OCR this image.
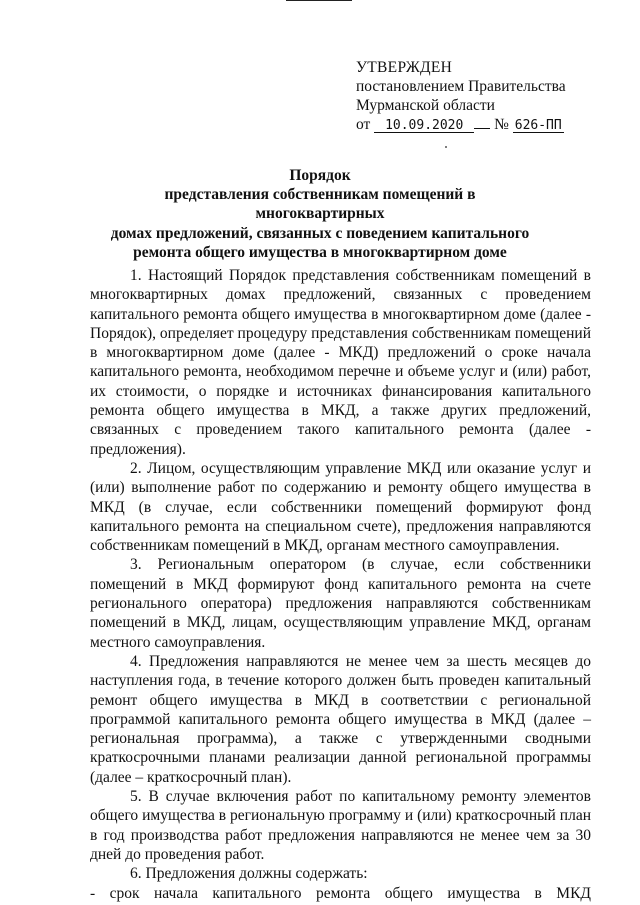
УТВЕРЖДЕН
постановлением Правительства
Мурманской области
от 10.09.2020 № 626-ПП
Порядок
представления собственникам помещений в многоквартирных
домах предложений, связанных с поведением капитального
ремонта общего имущества в многоквартирном доме

1. Настоящий Порядок представления собственникам помещений в многоквартирных домах предложений, связанных с проведением капитального ремонта общего имущества в многоквартирном доме (далее - Порядок), определяет процедуру представления собственникам помещений в многоквартирном доме (далее - МКД) предложений о сроке начала капитального ремонта, необходимом перечне и объеме услуг и (или) работ, их стоимости, о порядке и источниках финансирования капитального ремонта общего имущества в МКД, а также других предложений, связанных с проведением такого капитального ремонта (далее - предложения).

2. Лицом, осуществляющим управление МКД или оказание услуг и (или) выполнение работ по содержанию и ремонту общего имущества в МКД (в случае, если собственники помещений формируют фонд капитального ремонта на специальном счете), предложения направляются собственникам помещений в МКД, органам местного самоуправления.

3. Региональным оператором (в случае, если собственники помещений в МКД формируют фонд капитального ремонта на счете регионального оператора) предложения направляются собственникам помещений в МКД, лицам, осуществляющим управление МКД, органам местного самоуправления.

4. Предложения направляются не менее чем за шесть месяцев до наступления года, в течение которого должен быть проведен капитальный ремонт общего имущества в МКД в соответствии с региональной программой капитального ремонта общего имущества в МКД (далее – региональная программа), а также с утвержденными сводными краткосрочными планами реализации данной региональной программы (далее – краткосрочный план).

5. В случае включения работ по капитальному ремонту элементов общего имущества в региональную программу и (или) краткосрочный план в год производства работ предложения направляются не менее чем за 30 дней до проведения работ.

6. Предложения должны содержать:

- срок начала капитального ремонта общего имущества в МКД
